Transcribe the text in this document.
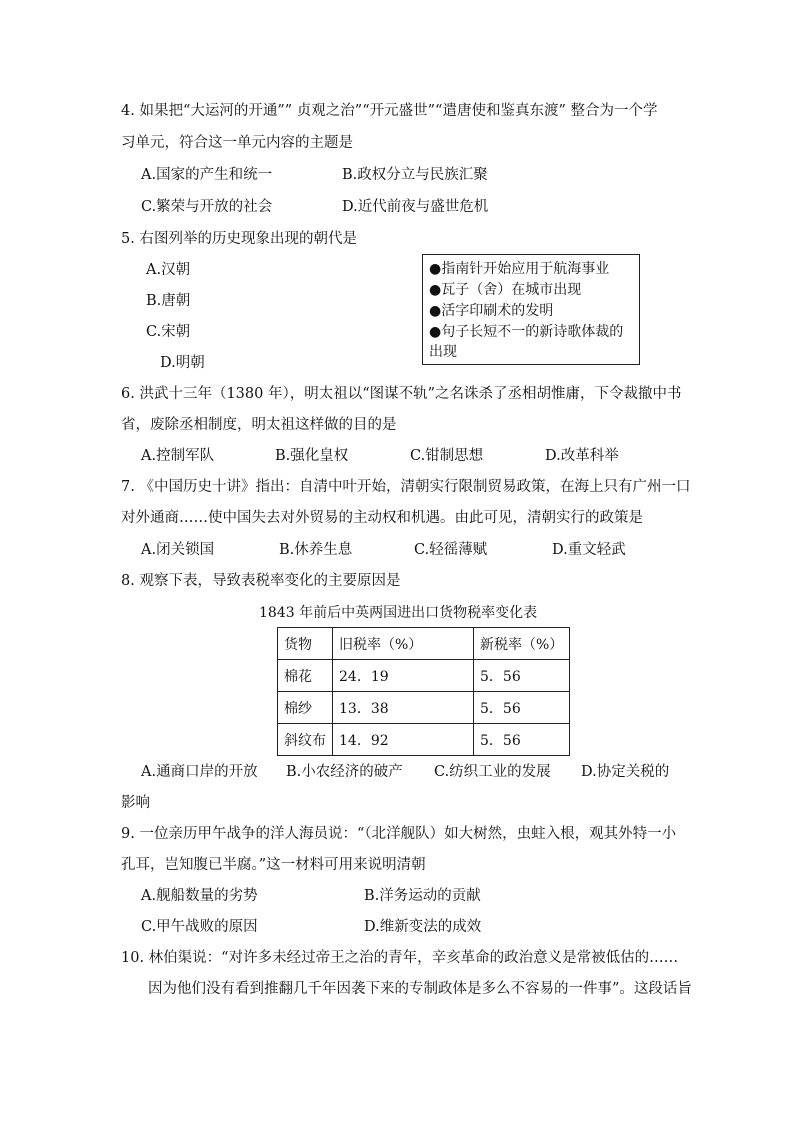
4. 如果把“大运河的开通”” 贞观之治”“开元盛世”“遣唐使和鉴真东渡” 整合为一个学
习单元，符合这一单元内容的主题是
A.国家的产生和统一	B.政权分立与民族汇聚
C.繁荣与开放的社会	D.近代前夜与盛世危机
5. 右图列举的历史现象出现的朝代是
A.汉朝
B.唐朝
C.宋朝
D.明朝
●指南针开始应用于航海事业
●瓦子（舍）在城市出现
●活字印刷术的发明
●句子长短不一的新诗歌体裁的
出现
6. 洪武十三年（1380 年），明太祖以“图谋不轨”之名诛杀了丞相胡惟庸，下令裁撤中书
省，废除丞相制度，明太祖这样做的目的是
A.控制军队	B.强化皇权	C.钳制思想	D.改革科举
7. 《中国历史十讲》指出：自清中叶开始，清朝实行限制贸易政策，在海上只有广州一口
对外通商……使中国失去对外贸易的主动权和机遇。由此可见，清朝实行的政策是
A.闭关锁国	B.休养生息	C.轻徭薄赋	D.重文轻武
8. 观察下表，导致表税率变化的主要原因是
1843 年前后中英两国进出口货物税率变化表
货物	旧税率（%）	新税率（%）
棉花	24．19	5．56
棉纱	13．38	5．56
斜纹布	14．92	5．56
A.通商口岸的开放 B.小农经济的破产 C.纺织工业的发展 D.协定关税的
影响
9. 一位亲历甲午战争的洋人海员说：“（北洋舰队）如大树然，虫蛀入根，观其外特一小
孔耳，岂知腹已半腐。”这一材料可用来说明清朝
A.舰船数量的劣势	B.洋务运动的贡献
C.甲午战败的原因	D.维新变法的成效
10. 林伯渠说：“对许多未经过帝王之治的青年，辛亥革命的政治意义是常被低估的……
因为他们没有看到推翻几千年因袭下来的专制政体是多么不容易的一件事”。这段话旨
